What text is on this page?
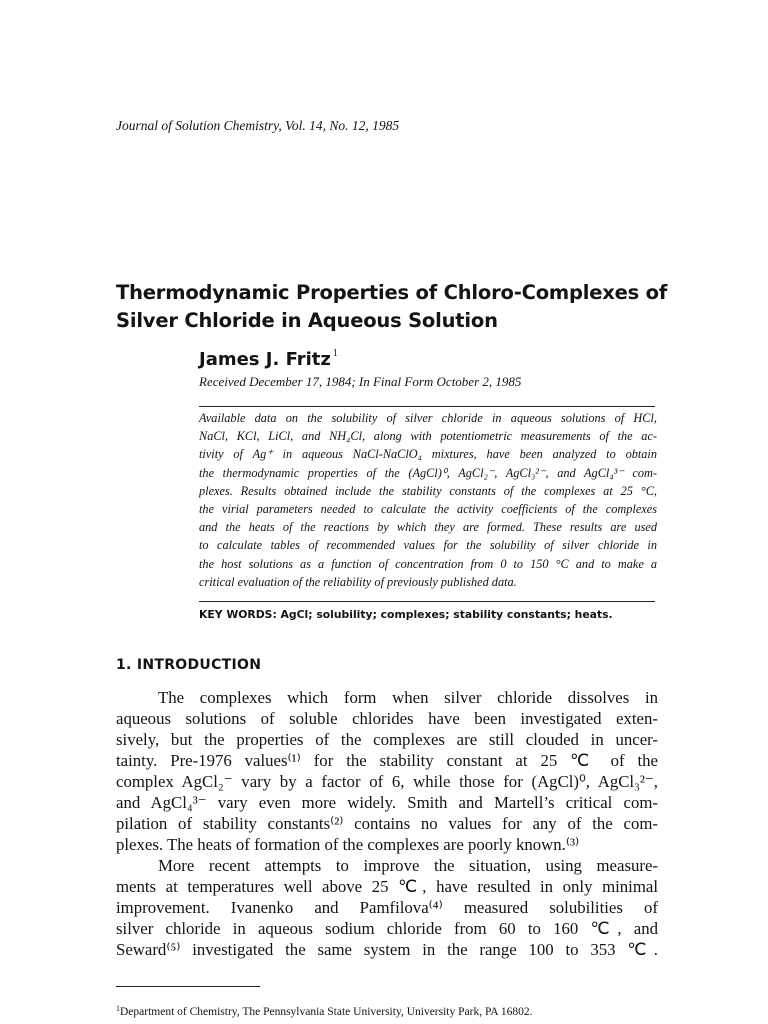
Journal of Solution Chemistry, Vol. 14, No. 12, 1985
Thermodynamic Properties of Chloro-Complexes of
Silver Chloride in Aqueous Solution
James J. Fritz $^1$
Received December 17, 1984; In Final Form October 2, 1985
Available data on the solubility of silver chloride in aqueous solutions of HCl,
NaCl, KCl, LiCl, and NH₄Cl, along with potentiometric measurements of the ac-
tivity of Ag⁺ in aqueous NaCl-NaClO₄ mixtures, have been analyzed to obtain
the thermodynamic properties of the (AgCl)⁰, AgCl₂⁻, AgCl₃²⁻, and AgCl₄³⁻ com-
plexes. Results obtained include the stability constants of the complexes at 25 °C,
the virial parameters needed to calculate the activity coefficients of the complexes
and the heats of the reactions by which they are formed. These results are used
to calculate tables of recommended values for the solubility of silver chloride in
the host solutions as a function of concentration from 0 to 150 °C and to make a
critical evaluation of the reliability of previously published data.
KEY WORDS: AgCl; solubility; complexes; stability constants; heats.
1. INTRODUCTION
The complexes which form when silver chloride dissolves in
aqueous solutions of soluble chlorides have been investigated exten-
sively, but the properties of the complexes are still clouded in uncer-
tainty. Pre-1976 values⁽¹⁾ for the stability constant at 25 ℃ of the
complex AgCl₂⁻ vary by a factor of 6, while those for (AgCl)⁰, AgCl₃²⁻,
and AgCl₄³⁻ vary even more widely. Smith and Martell’s critical com-
pilation of stability constants⁽²⁾ contains no values for any of the com-
plexes. The heats of formation of the complexes are poorly known.⁽³⁾
More recent attempts to improve the situation, using measure-
ments at temperatures well above 25 ℃, have resulted in only minimal
improvement. Ivanenko and Pamfilova⁽⁴⁾ measured solubilities of
silver chloride in aqueous sodium chloride from 60 to 160 ℃, and
Seward⁽⁵⁾ investigated the same system in the range 100 to 353 ℃.
$^1$Department of Chemistry, The Pennsylvania State University, University Park, PA 16802.
